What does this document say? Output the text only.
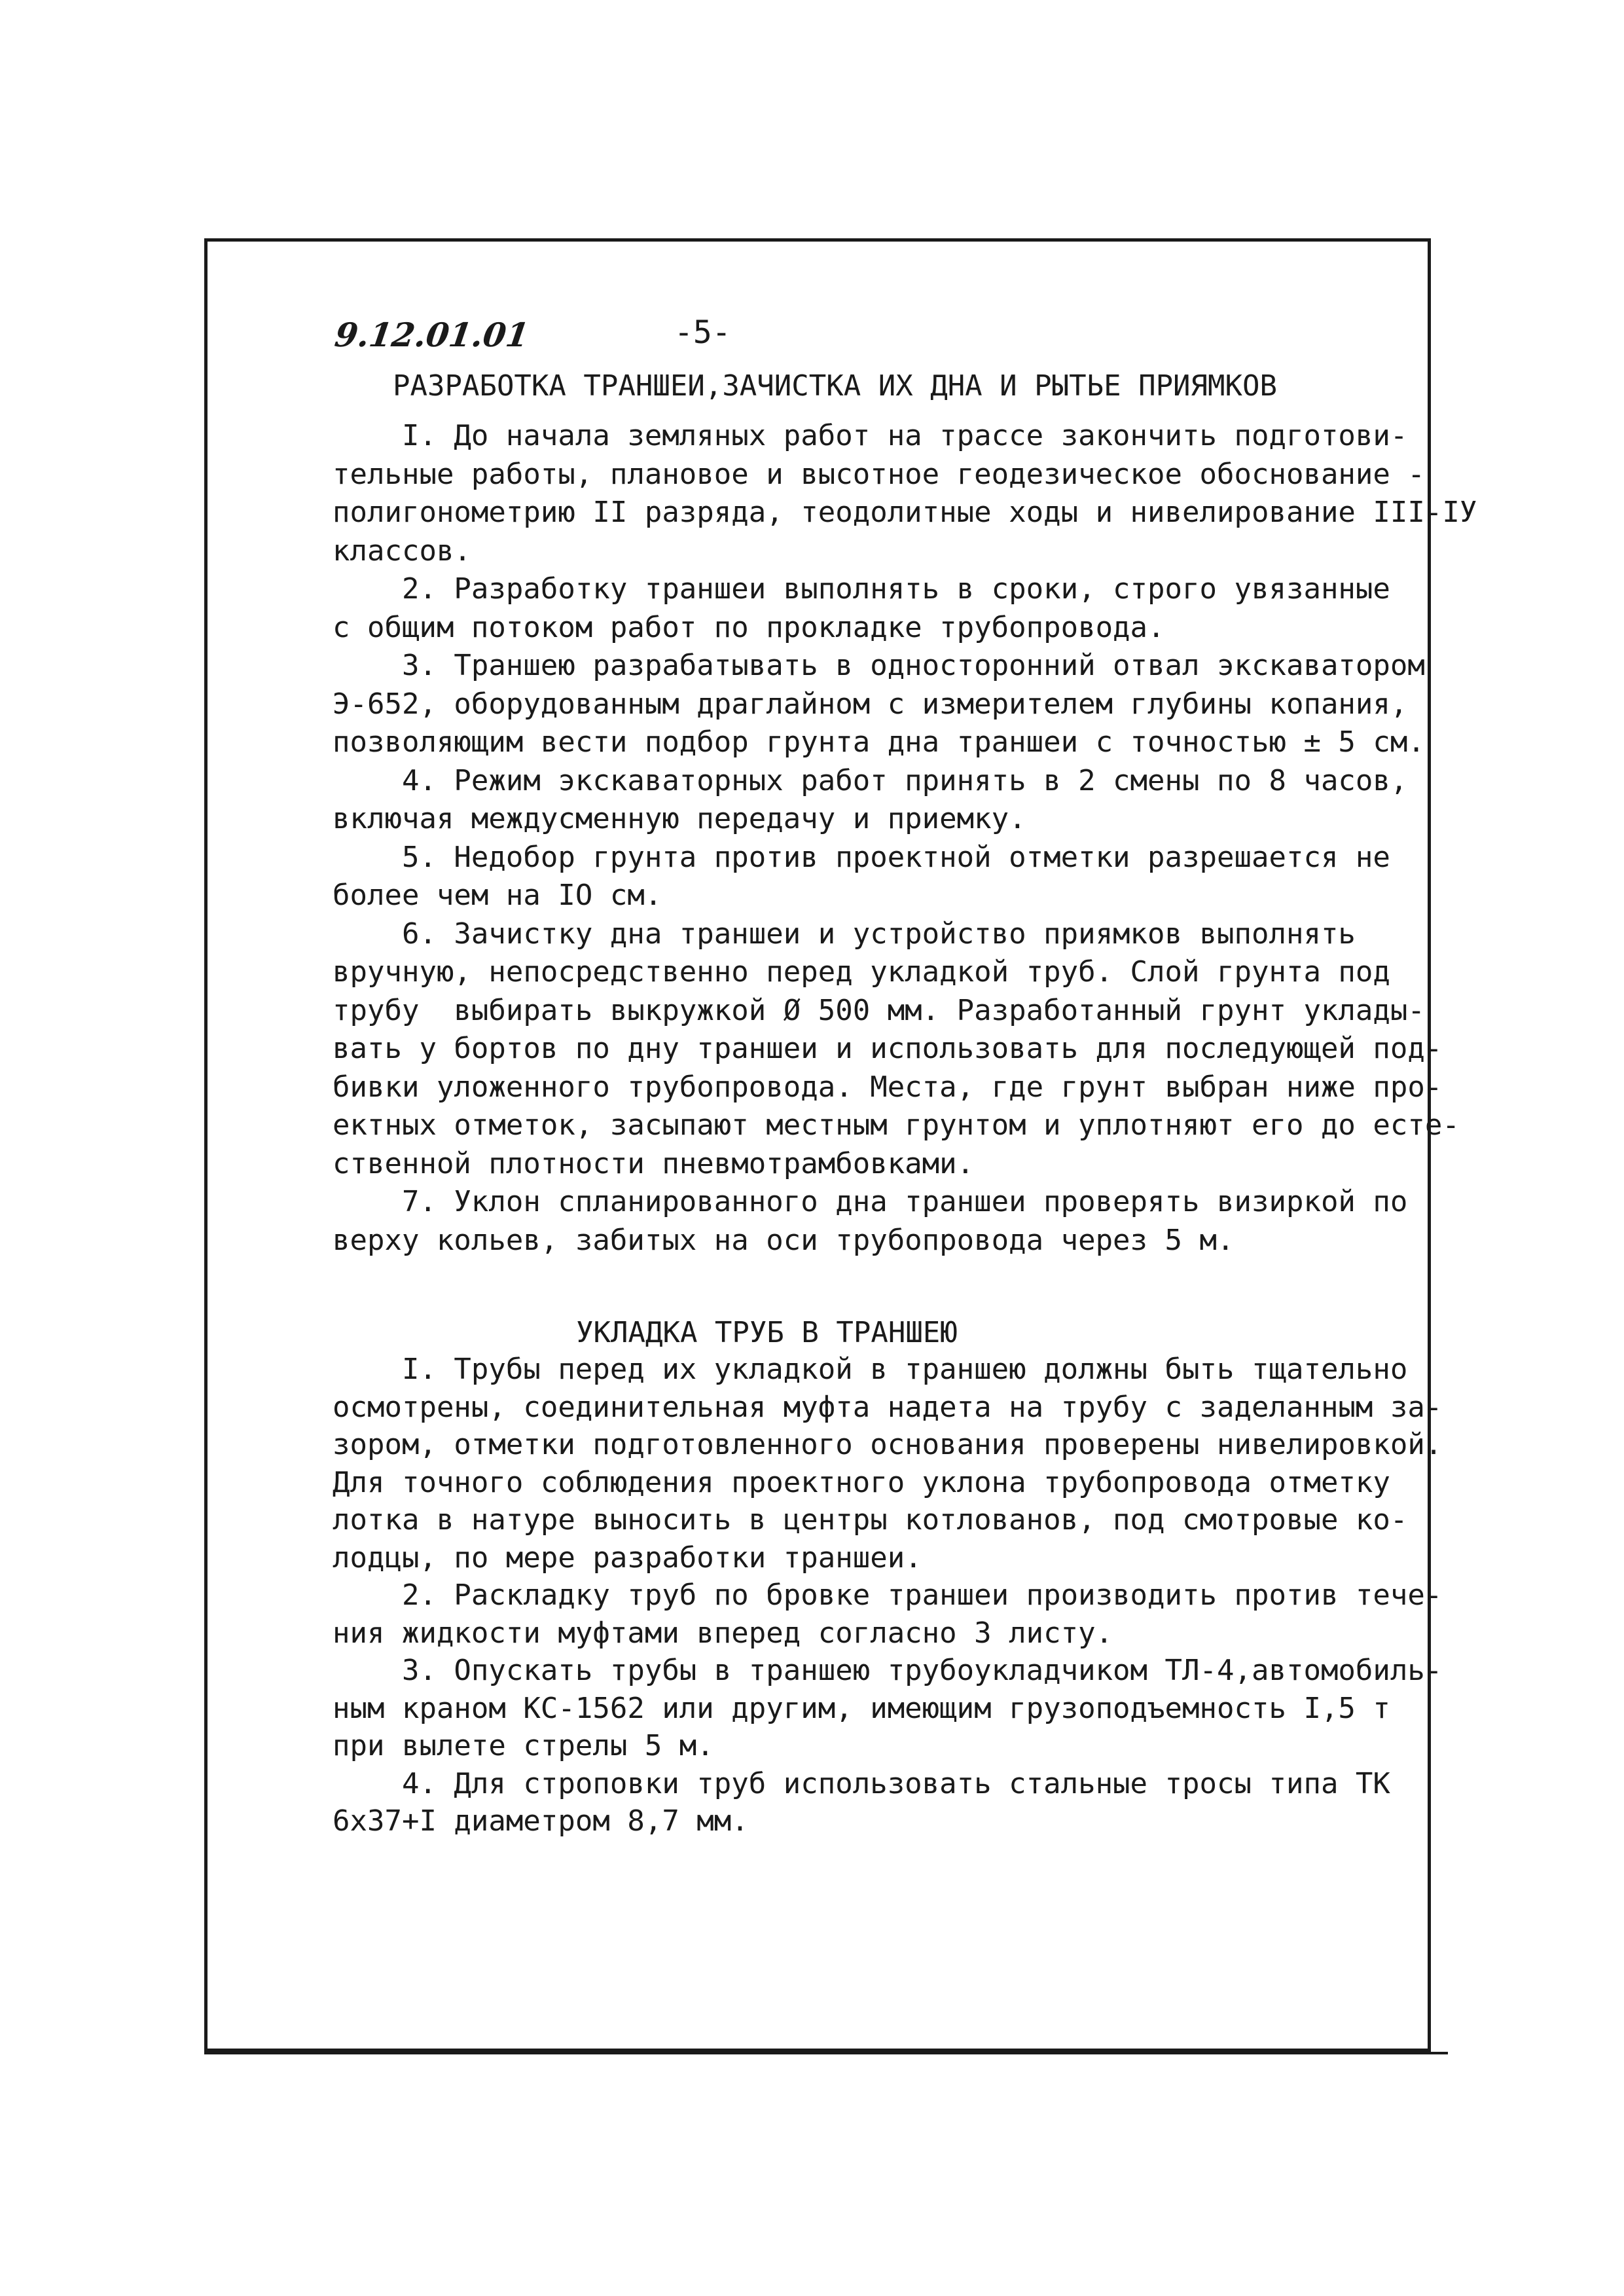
9.12.01.01	-5-
РАЗРАБОТКА ТРАНШЕИ,ЗАЧИСТКА ИХ ДНА И РЫТЬЕ ПРИЯМКОВ
I. До начала земляных работ на трассе закончить подготови-
тельные работы, плановое и высотное геодезическое обоснование -
полигонометрию II разряда, теодолитные ходы и нивелирование III-IУ
классов.
2. Разработку траншеи выполнять в сроки, строго увязанные
с общим потоком работ по прокладке трубопровода.
3. Траншею разрабатывать в односторонний отвал экскаватором
Э-652, оборудованным драглайном с измерителем глубины копания,
позволяющим вести подбор грунта дна траншеи с точностью ± 5 см.
4. Режим экскаваторных работ принять в 2 смены по 8 часов,
включая междусменную передачу и приемку.
5. Недобор грунта против проектной отметки разрешается не
более чем на IO см.
6. Зачистку дна траншеи и устройство приямков выполнять
вручную, непосредственно перед укладкой труб. Слой грунта под
трубу  выбирать выкружкой Ø 500 мм. Разработанный грунт уклады-
вать у бортов по дну траншеи и использовать для последующей под-
бивки уложенного трубопровода. Места, где грунт выбран ниже про-
ектных отметок, засыпают местным грунтом и уплотняют его до есте-
ственной плотности пневмотрамбовками.
7. Уклон спланированного дна траншеи проверять визиркой по
верху кольев, забитых на оси трубопровода через 5 м.
УКЛАДКА ТРУБ В ТРАНШЕЮ
I. Трубы перед их укладкой в траншею должны быть тщательно
осмотрены, соединительная муфта надета на трубу с заделанным за-
зором, отметки подготовленного основания проверены нивелировкой.
Для точного соблюдения проектного уклона трубопровода отметку
лотка в натуре выносить в центры котлованов, под смотровые ко-
лодцы, по мере разработки траншеи.
2. Раскладку труб по бровке траншеи производить против тече-
ния жидкости муфтами вперед согласно 3 листу.
3. Опускать трубы в траншею трубоукладчиком ТЛ-4,автомобиль-
ным краном КС-1562 или другим, имеющим грузоподъемность I,5 т
при вылете стрелы 5 м.
4. Для строповки труб использовать стальные тросы типа ТК
6х37+I диаметром 8,7 мм.
